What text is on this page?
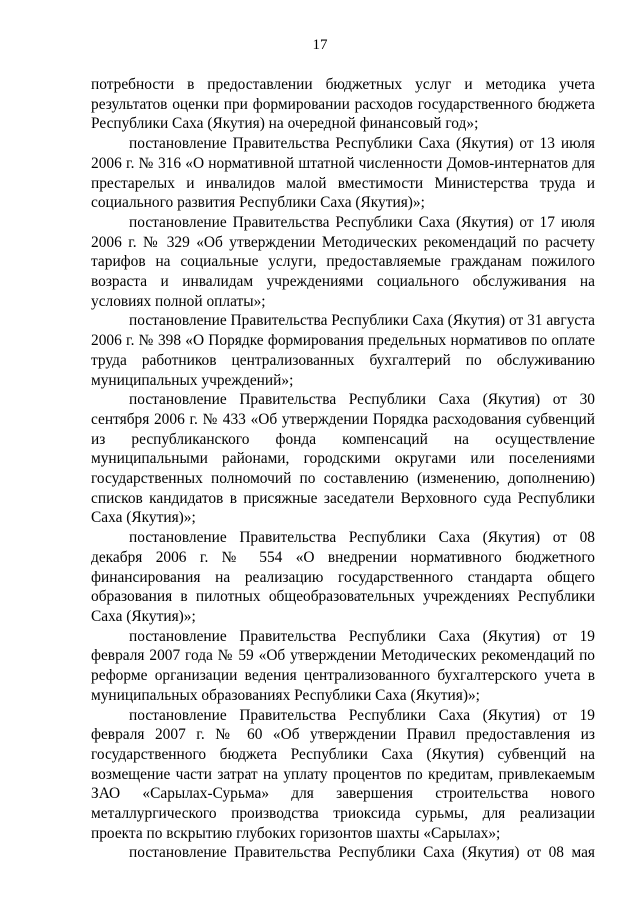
17

потребности в предоставлении бюджетных услуг и методика учета результатов оценки при формировании расходов государственного бюджета Республики Саха (Якутия) на очередной финансовый год»;

постановление Правительства Республики Саха (Якутия) от 13 июля 2006 г. № 316 «О нормативной штатной численности Домов-интернатов для престарелых и инвалидов малой вместимости Министерства труда и социального развития Республики Саха (Якутия)»;

постановление Правительства Республики Саха (Якутия) от 17 июля 2006 г. № 329 «Об утверждении Методических рекомендаций по расчету тарифов на социальные услуги, предоставляемые гражданам пожилого возраста и инвалидам учреждениями социального обслуживания на условиях полной оплаты»;

постановление Правительства Республики Саха (Якутия) от 31 августа 2006 г. № 398 «О Порядке формирования предельных нормативов по оплате труда работников централизованных бухгалтерий по обслуживанию муниципальных учреждений»;

постановление Правительства Республики Саха (Якутия) от 30 сентября 2006 г. № 433 «Об утверждении Порядка расходования субвенций из республиканского фонда компенсаций на осуществление муниципальными районами, городскими округами или поселениями государственных полномочий по составлению (изменению, дополнению) списков кандидатов в присяжные заседатели Верховного суда Республики Саха (Якутия)»;

постановление Правительства Республики Саха (Якутия) от 08 декабря 2006 г. № 554 «О внедрении нормативного бюджетного финансирования на реализацию государственного стандарта общего образования в пилотных общеобразовательных учреждениях Республики Саха (Якутия)»;

постановление Правительства Республики Саха (Якутия) от 19 февраля 2007 года № 59 «Об утверждении Методических рекомендаций по реформе организации ведения централизованного бухгалтерского учета в муниципальных образованиях Республики Саха (Якутия)»;

постановление Правительства Республики Саха (Якутия) от 19 февраля 2007 г. № 60 «Об утверждении Правил предоставления из государственного бюджета Республики Саха (Якутия) субвенций на возмещение части затрат на уплату процентов по кредитам, привлекаемым ЗАО «Сарылах-Сурьма» для завершения строительства нового металлургического производства триоксида сурьмы, для реализации проекта по вскрытию глубоких горизонтов шахты «Сарылах»;

постановление Правительства Республики Саха (Якутия) от 08 мая
